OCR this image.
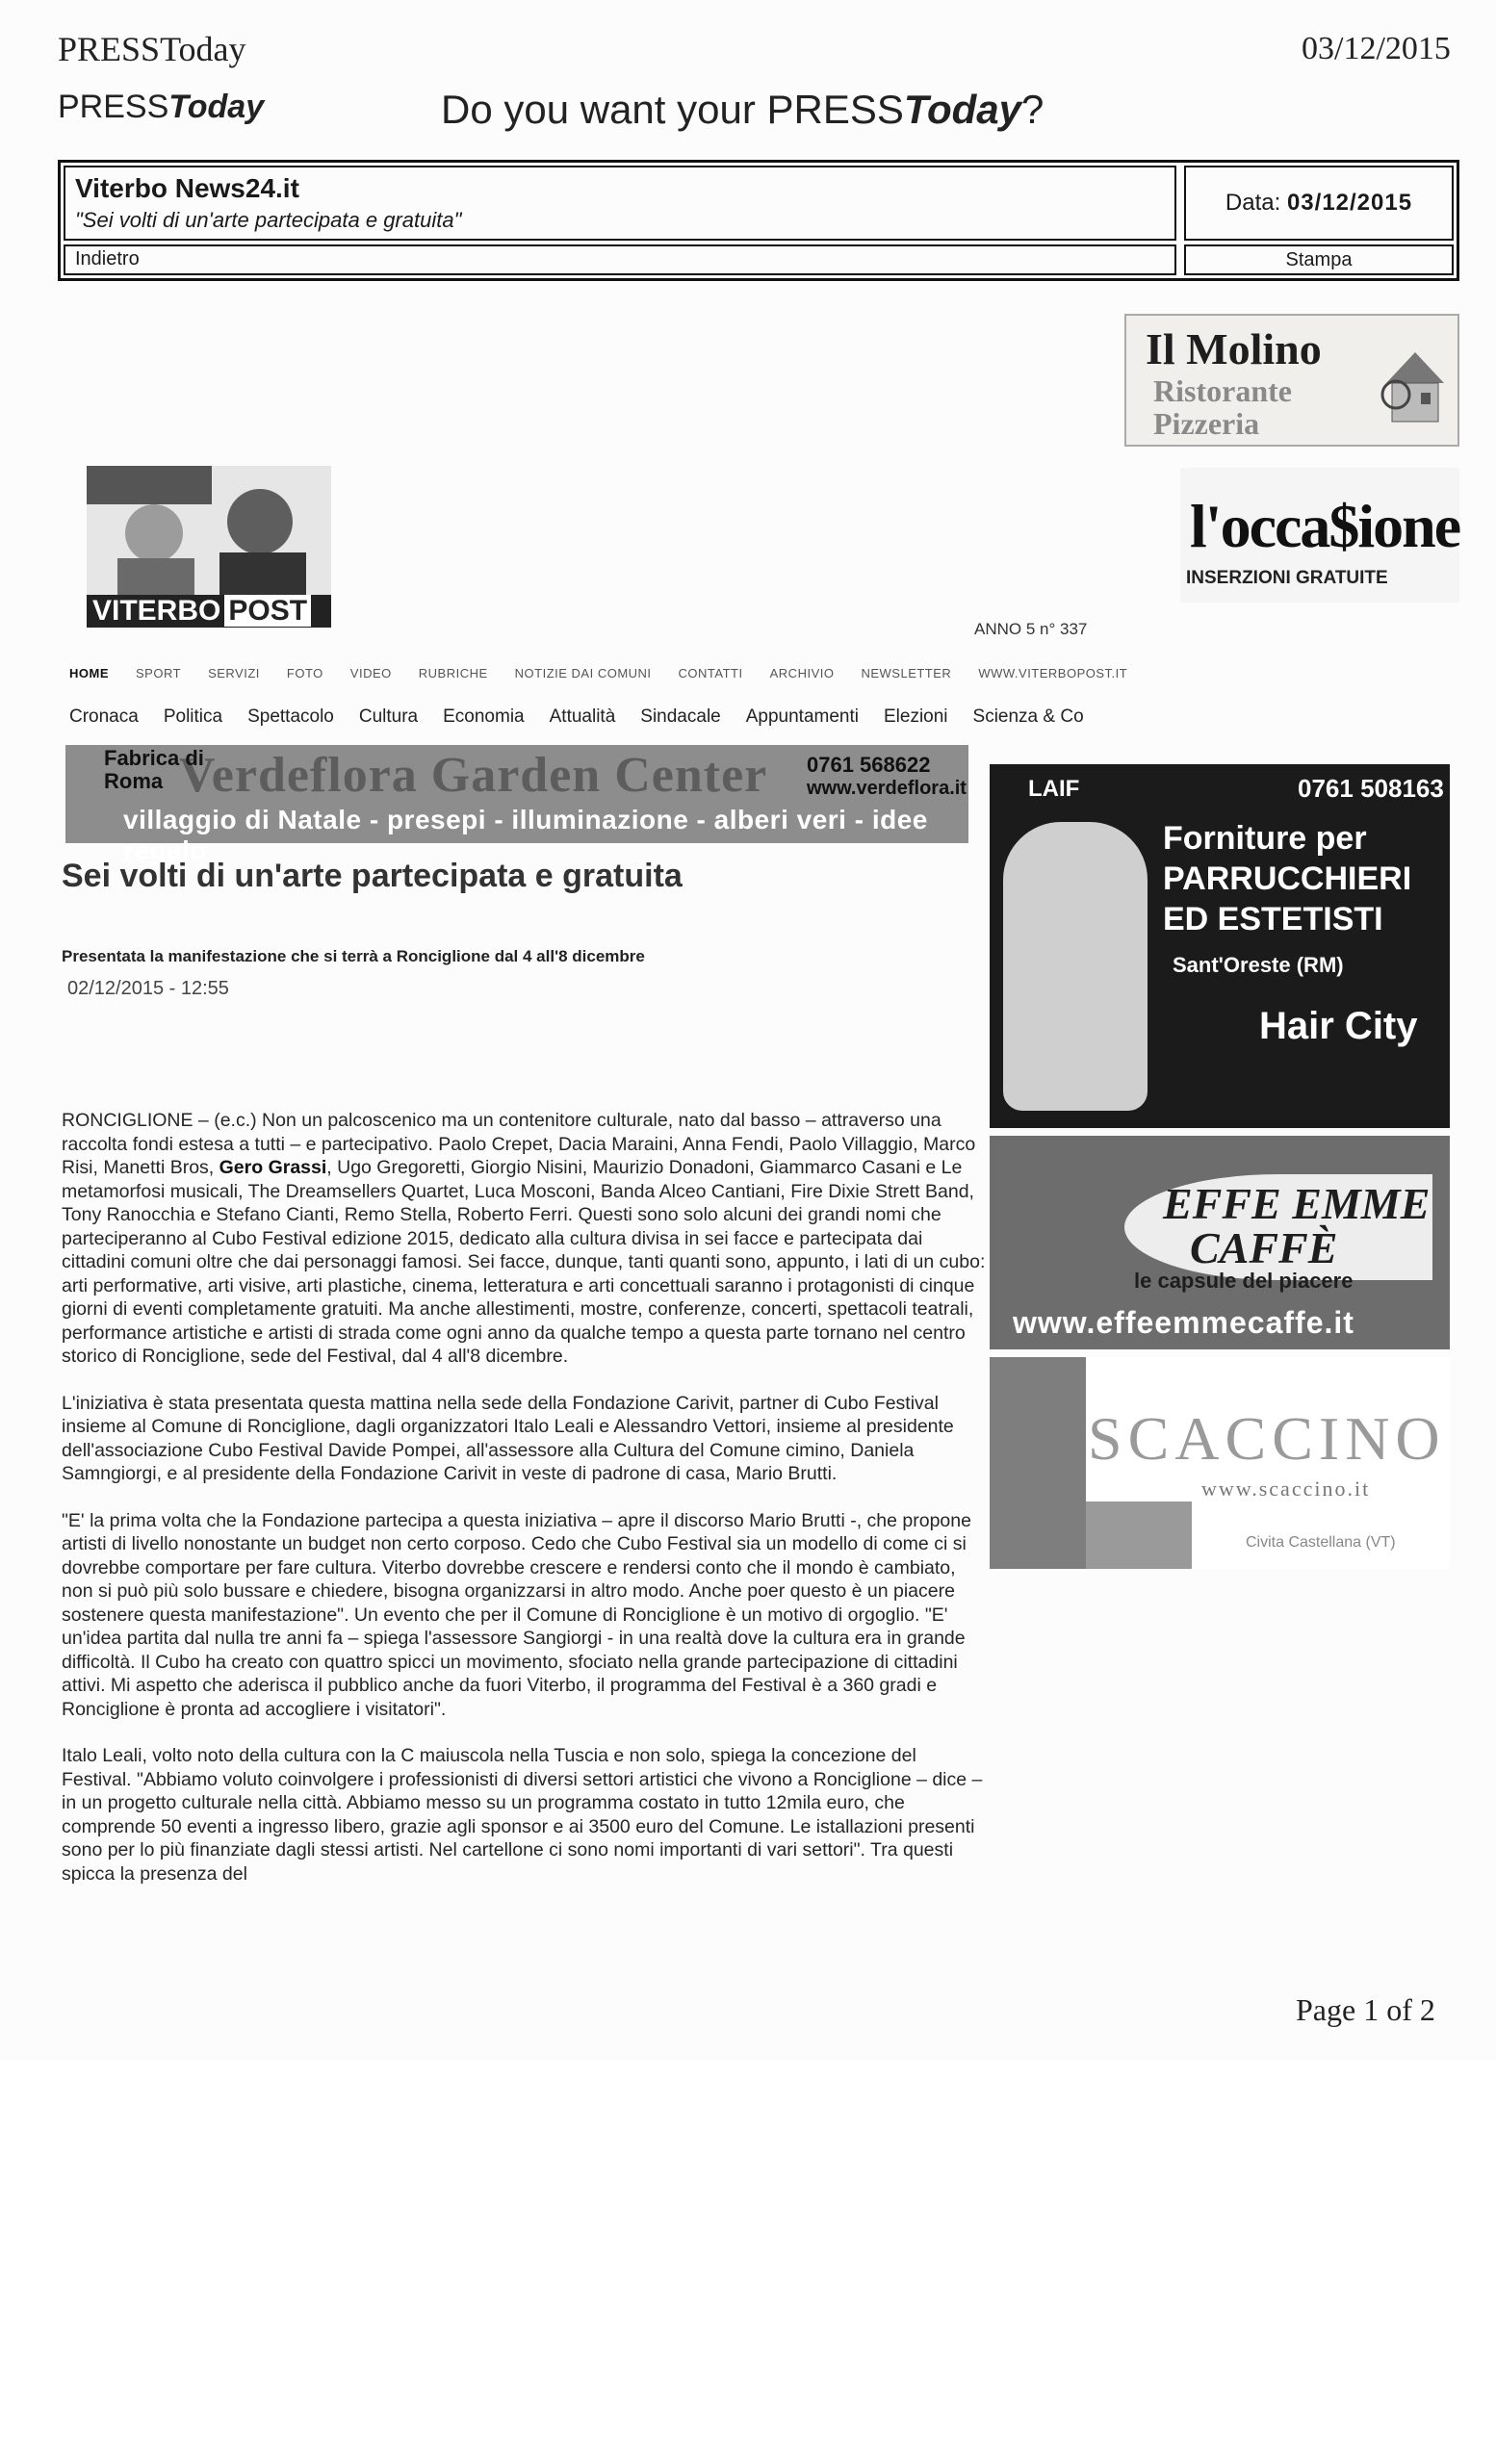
PRESSToday	03/12/2015
PRESSToday	Do you want your PRESSToday?
Viterbo News24.it
"Sei volti di un'arte partecipata e gratuita"
Data: 03/12/2015
Indietro	Stampa
Il Molino
Ristorante
Pizzeria
l'occa$ione
INSERZIONI GRATUITE
VITERBO POST
ANNO 5 n° 337
HOME SPORT SERVIZI FOTO VIDEO RUBRICHE NOTIZIE DAI COMUNI CONTATTI ARCHIVIO NEWSLETTER WWW.VITERBOPOST.IT
Cronaca Politica Spettacolo Cultura Economia Attualità Sindacale Appuntamenti Elezioni Scienza & Co
Verdeflora Garden Center
Fabrica di
Roma
0761 568622
www.verdeflora.it
villaggio di Natale - presepi - illuminazione - alberi veri - idee regalo
LAIF	0761 508163
Forniture per
PARRUCCHIERI
ED ESTETISTI
Sant'Oreste (RM)
Hair City
EFFE EMME
CAFFÈ
le capsule del piacere
www.effeemmecaffe.it
SCACCINO
www.scaccino.it
Civita Castellana (VT)
Sei volti di un'arte partecipata e gratuita
Presentata la manifestazione che si terrà a Ronciglione dal 4 all'8 dicembre
02/12/2015 - 12:55

RONCIGLIONE – (e.c.) Non un palcoscenico ma un contenitore culturale, nato dal basso – attraverso una raccolta fondi estesa a tutti – e partecipativo. Paolo Crepet, Dacia Maraini, Anna Fendi, Paolo Villaggio, Marco Risi, Manetti Bros, Gero Grassi, Ugo Gregoretti, Giorgio Nisini, Maurizio Donadoni, Giammarco Casani e Le metamorfosi musicali, The Dreamsellers Quartet, Luca Mosconi, Banda Alceo Cantiani, Fire Dixie Strett Band, Tony Ranocchia e Stefano Cianti, Remo Stella, Roberto Ferri. Questi sono solo alcuni dei grandi nomi che parteciperanno al Cubo Festival edizione 2015, dedicato alla cultura divisa in sei facce e partecipata dai cittadini comuni oltre che dai personaggi famosi. Sei facce, dunque, tanti quanti sono, appunto, i lati di un cubo: arti performative, arti visive, arti plastiche, cinema, letteratura e arti concettuali saranno i protagonisti di cinque giorni di eventi completamente gratuiti. Ma anche allestimenti, mostre, conferenze, concerti, spettacoli teatrali, performance artistiche e artisti di strada come ogni anno da qualche tempo a questa parte tornano nel centro storico di Ronciglione, sede del Festival, dal 4 all'8 dicembre.

L'iniziativa è stata presentata questa mattina nella sede della Fondazione Carivit, partner di Cubo Festival insieme al Comune di Ronciglione, dagli organizzatori Italo Leali e Alessandro Vettori, insieme al presidente dell'associazione Cubo Festival Davide Pompei, all'assessore alla Cultura del Comune cimino, Daniela Samngiorgi, e al presidente della Fondazione Carivit in veste di padrone di casa, Mario Brutti.

"E' la prima volta che la Fondazione partecipa a questa iniziativa – apre il discorso Mario Brutti -, che propone artisti di livello nonostante un budget non certo corposo. Cedo che Cubo Festival sia un modello di come ci si dovrebbe comportare per fare cultura. Viterbo dovrebbe crescere e rendersi conto che il mondo è cambiato, non si può più solo bussare e chiedere, bisogna organizzarsi in altro modo. Anche poer questo è un piacere sostenere questa manifestazione". Un evento che per il Comune di Ronciglione è un motivo di orgoglio. "E' un'idea partita dal nulla tre anni fa – spiega l'assessore Sangiorgi - in una realtà dove la cultura era in grande difficoltà. Il Cubo ha creato con quattro spicci un movimento, sfociato nella grande partecipazione di cittadini attivi. Mi aspetto che aderisca il pubblico anche da fuori Viterbo, il programma del Festival è a 360 gradi e Ronciglione è pronta ad accogliere i visitatori".

Italo Leali, volto noto della cultura con la C maiuscola nella Tuscia e non solo, spiega la concezione del Festival. "Abbiamo voluto coinvolgere i professionisti di diversi settori artistici che vivono a Ronciglione – dice – in un progetto culturale nella città. Abbiamo messo su un programma costato in tutto 12mila euro, che comprende 50 eventi a ingresso libero, grazie agli sponsor e ai 3500 euro del Comune. Le istallazioni presenti sono per lo più finanziate dagli stessi artisti. Nel cartellone ci sono nomi importanti di vari settori". Tra questi spicca la presenza del

Page 1 of 2
